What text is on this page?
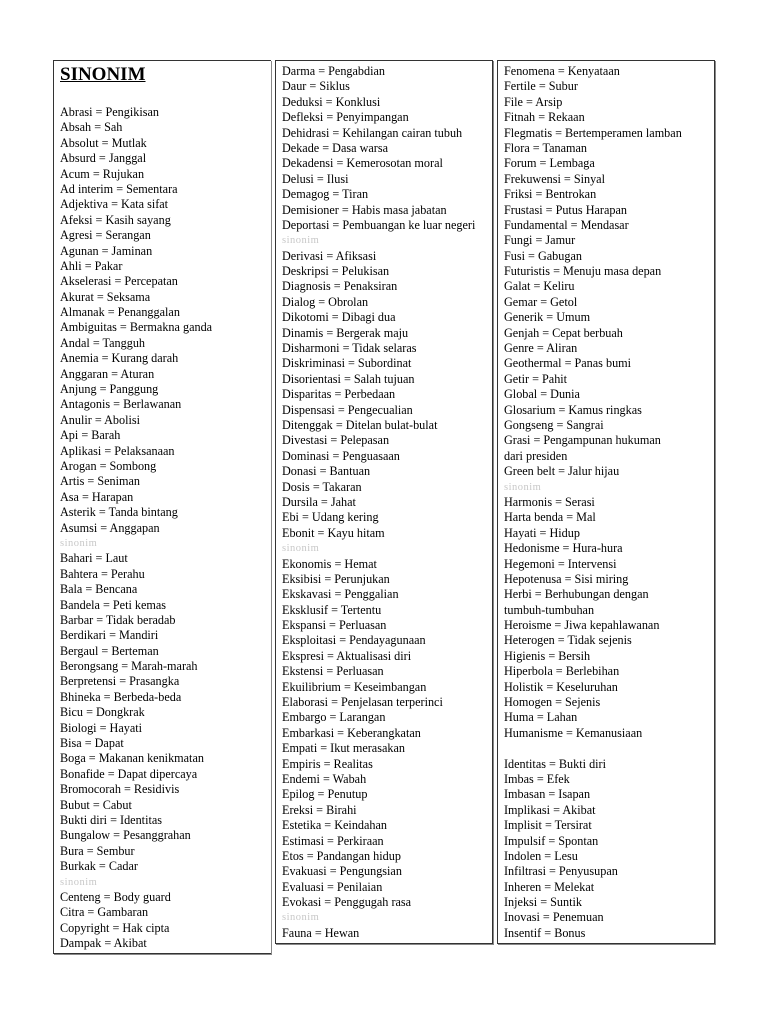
SINONIM
Abrasi = Pengikisan
Absah = Sah
Absolut = Mutlak
Absurd = Janggal
Acum = Rujukan
Ad interim = Sementara
Adjektiva = Kata sifat
Afeksi = Kasih sayang
Agresi = Serangan
Agunan = Jaminan
Ahli = Pakar
Akselerasi = Percepatan
Akurat = Seksama
Almanak = Penanggalan
Ambiguitas = Bermakna ganda
Andal = Tangguh
Anemia = Kurang darah
Anggaran = Aturan
Anjung = Panggung
Antagonis = Berlawanan
Anulir = Abolisi
Api = Barah
Aplikasi = Pelaksanaan
Arogan = Sombong
Artis = Seniman
Asa = Harapan
Asterik = Tanda bintang
Asumsi = Anggapan
sinonim
Bahari = Laut
Bahtera = Perahu
Bala = Bencana
Bandela = Peti kemas
Barbar = Tidak beradab
Berdikari = Mandiri
Bergaul = Berteman
Berongsang = Marah-marah
Berpretensi = Prasangka
Bhineka = Berbeda-beda
Bicu = Dongkrak
Biologi = Hayati
Bisa = Dapat
Boga = Makanan kenikmatan
Bonafide = Dapat dipercaya
Bromocorah = Residivis
Bubut = Cabut
Bukti diri = Identitas
Bungalow = Pesanggrahan
Bura = Sembur
Burkak = Cadar
sinonim
Centeng = Body guard
Citra = Gambaran
Copyright = Hak cipta
Dampak = Akibat
Darma = Pengabdian
Daur = Siklus
Deduksi = Konklusi
Defleksi = Penyimpangan
Dehidrasi = Kehilangan cairan tubuh
Dekade = Dasa warsa
Dekadensi = Kemerosotan moral
Delusi = Ilusi
Demagog = Tiran
Demisioner = Habis masa jabatan
Deportasi = Pembuangan ke luar negeri
sinonim
Derivasi = Afiksasi
Deskripsi = Pelukisan
Diagnosis = Penaksiran
Dialog = Obrolan
Dikotomi = Dibagi dua
Dinamis = Bergerak maju
Disharmoni = Tidak selaras
Diskriminasi = Subordinat
Disorientasi = Salah tujuan
Disparitas = Perbedaan
Dispensasi = Pengecualian
Ditenggak = Ditelan bulat-bulat
Divestasi = Pelepasan
Dominasi = Penguasaan
Donasi = Bantuan
Dosis = Takaran
Dursila = Jahat
Ebi = Udang kering
Ebonit = Kayu hitam
sinonim
Ekonomis = Hemat
Eksibisi = Perunjukan
Ekskavasi = Penggalian
Eksklusif = Tertentu
Ekspansi = Perluasan
Eksploitasi = Pendayagunaan
Ekspresi = Aktualisasi diri
Ekstensi = Perluasan
Ekuilibrium = Keseimbangan
Elaborasi = Penjelasan terperinci
Embargo = Larangan
Embarkasi = Keberangkatan
Empati = Ikut merasakan
Empiris = Realitas
Endemi = Wabah
Epilog = Penutup
Ereksi = Birahi
Estetika = Keindahan
Estimasi = Perkiraan
Etos = Pandangan hidup
Evakuasi = Pengungsian
Evaluasi = Penilaian
Evokasi = Penggugah rasa
sinonim
Fauna = Hewan
Fenomena = Kenyataan
Fertile = Subur
File = Arsip
Fitnah = Rekaan
Flegmatis = Bertemperamen lamban
Flora = Tanaman
Forum = Lembaga
Frekuwensi = Sinyal
Friksi = Bentrokan
Frustasi = Putus Harapan
Fundamental = Mendasar
Fungi = Jamur
Fusi = Gabugan
Futuristis = Menuju masa depan
Galat = Keliru
Gemar = Getol
Generik = Umum
Genjah = Cepat berbuah
Genre = Aliran
Geothermal = Panas bumi
Getir = Pahit
Global = Dunia
Glosarium = Kamus ringkas
Gongseng = Sangrai
Grasi = Pengampunan hukuman
dari presiden
Green belt = Jalur hijau
sinonim
Harmonis = Serasi
Harta benda = Mal
Hayati = Hidup
Hedonisme = Hura-hura
Hegemoni = Intervensi
Hepotenusa = Sisi miring
Herbi = Berhubungan dengan
tumbuh-tumbuhan
Heroisme = Jiwa kepahlawanan
Heterogen = Tidak sejenis
Higienis = Bersih
Hiperbola = Berlebihan
Holistik = Keseluruhan
Homogen = Sejenis
Huma = Lahan
Humanisme = Kemanusiaan

Identitas = Bukti diri
Imbas = Efek
Imbasan = Isapan
Implikasi = Akibat
Implisit = Tersirat
Impulsif = Spontan
Indolen = Lesu
Infiltrasi = Penyusupan
Inheren = Melekat
Injeksi = Suntik
Inovasi = Penemuan
Insentif = Bonus
